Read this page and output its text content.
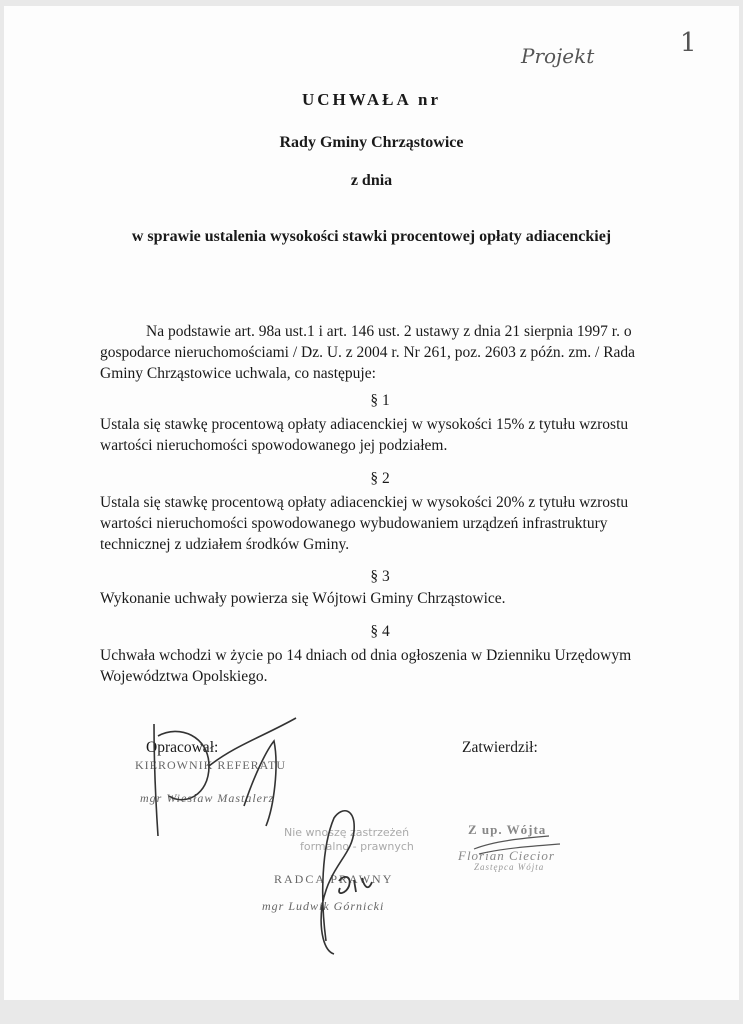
Projekt	1
UCHWAŁA nr
Rady Gminy Chrząstowice
z dnia
w sprawie ustalenia wysokości stawki procentowej opłaty adiacenckiej
Na podstawie art. 98a ust.1 i art. 146 ust. 2 ustawy z dnia 21 sierpnia 1997 r. o gospodarce nieruchomościami / Dz. U. z 2004 r. Nr 261, poz. 2603 z późn. zm. / Rada Gminy Chrząstowice uchwala, co następuje:
§ 1
Ustala się stawkę procentową opłaty adiacenckiej w wysokości 15% z tytułu wzrostu wartości nieruchomości spowodowanego jej podziałem.
§ 2
Ustala się stawkę procentową opłaty adiacenckiej w wysokości 20% z tytułu wzrostu wartości nieruchomości spowodowanego wybudowaniem urządzeń infrastruktury technicznej z udziałem środków Gminy.
§ 3
Wykonanie uchwały powierza się Wójtowi Gminy Chrząstowice.
§ 4
Uchwała wchodzi w życie po 14 dniach od dnia ogłoszenia w Dzienniku Urzędowym Województwa Opolskiego.
Opracował:	Zatwierdził:
KIEROWNIK REFERATU
mgr Wiesław Mastalerz
Nie wnoszę zastrzeżeń
formalno - prawnych
RADCA PRAWNY
mgr Ludwik Górnicki
Z up. Wójta
Florian Ciecior
Zastępca Wójta
